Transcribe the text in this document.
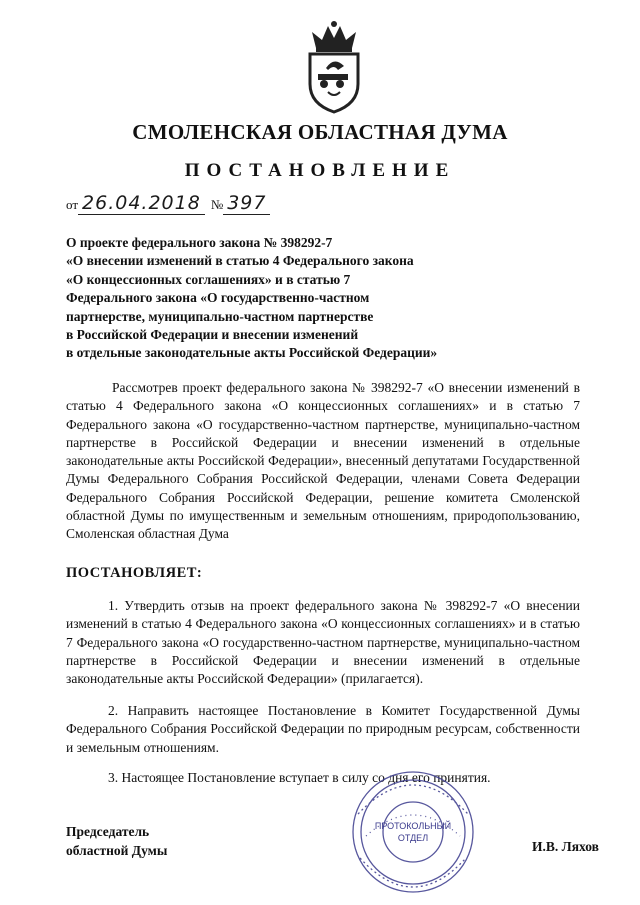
СМОЛЕНСКАЯ ОБЛАСТНАЯ ДУМА
ПОСТАНОВЛЕНИЕ
от 26.04.2018 № 397
О проекте федерального закона № 398292-7
«О внесении изменений в статью 4 Федерального закона
«О концессионных соглашениях» и в статью 7
Федерального закона «О государственно-частном
партнерстве, муниципально-частном партнерстве
в Российской Федерации и внесении изменений
в отдельные законодательные акты Российской Федерации»
Рассмотрев проект федерального закона № 398292-7 «О внесении изменений в статью 4 Федерального закона «О концессионных соглашениях» и в статью 7 Федерального закона «О государственно-частном партнерстве, муниципально-частном партнерстве в Российской Федерации и внесении изменений в отдельные законодательные акты Российской Федерации», внесенный депутатами Государственной Думы Федерального Собрания Российской Федерации, членами Совета Федерации Федерального Собрания Российской Федерации, решение комитета Смоленской областной Думы по имущественным и земельным отношениям, природопользованию, Смоленская областная Дума
ПОСТАНОВЛЯЕТ:
1. Утвердить отзыв на проект федерального закона № 398292-7 «О внесении изменений в статью 4 Федерального закона «О концессионных соглашениях» и в статью 7 Федерального закона «О государственно-частном партнерстве, муниципально-частном партнерстве в Российской Федерации и внесении изменений в отдельные законодательные акты Российской Федерации» (прилагается).
2. Направить настоящее Постановление в Комитет Государственной Думы Федерального Собрания Российской Федерации по природным ресурсам, собственности и земельным отношениям.
3. Настоящее Постановление вступает в силу со дня его принятия.
Председатель
областной Думы	И.В. Ляхов
ПРОТОКОЛЬНЫЙ
ОТДЕЛ
